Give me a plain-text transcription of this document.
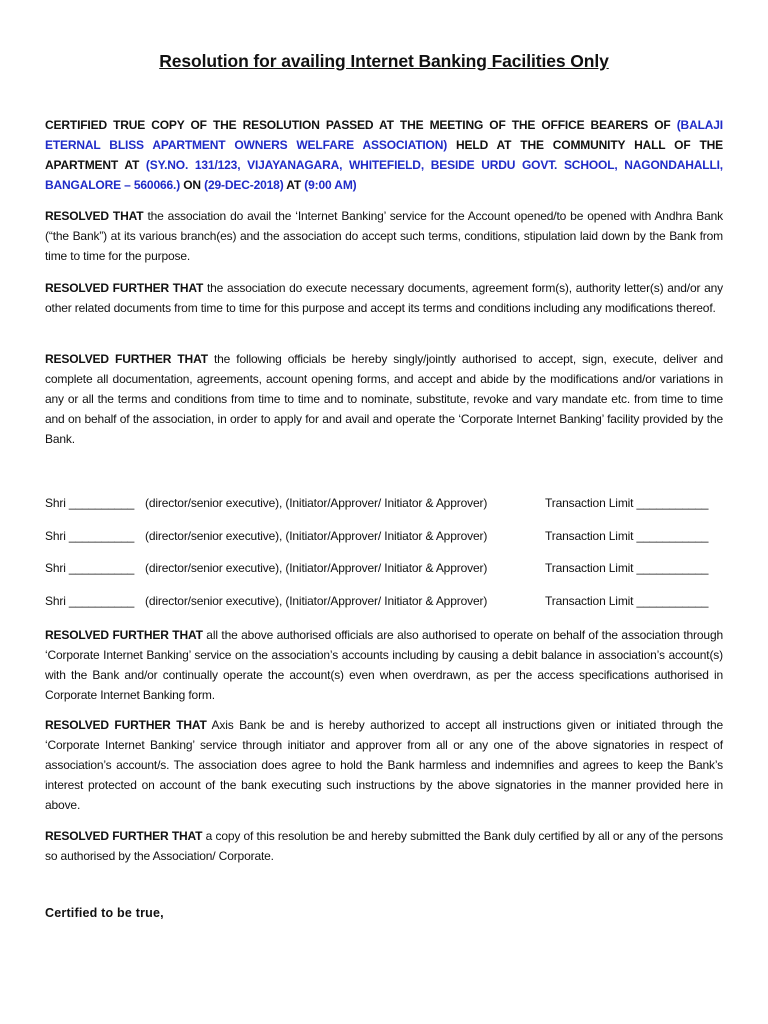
Resolution for availing Internet Banking Facilities Only
CERTIFIED TRUE COPY OF THE RESOLUTION PASSED AT THE MEETING OF THE OFFICE BEARERS OF (BALAJI ETERNAL BLISS APARTMENT OWNERS WELFARE ASSOCIATION) HELD AT THE COMMUNITY HALL OF THE APARTMENT AT (SY.NO. 131/123, VIJAYANAGARA, WHITEFIELD, BESIDE URDU GOVT. SCHOOL, NAGONDAHALLI, BANGALORE – 560066.) ON (29-DEC-2018) AT (9:00 AM)
RESOLVED THAT the association do avail the ‘Internet Banking’ service for the Account opened/to be opened with Andhra Bank (“the Bank”) at its various branch(es) and the association do accept such terms, conditions, stipulation laid down by the Bank from time to time for the purpose.
RESOLVED FURTHER THAT the association do execute necessary documents, agreement form(s), authority letter(s) and/or any other related documents from time to time for this purpose and accept its terms and conditions including any modifications thereof.
RESOLVED FURTHER THAT the following officials be hereby singly/jointly authorised to accept, sign, execute, deliver and complete all documentation, agreements, account opening forms, and accept and abide by the modifications and/or variations in any or all the terms and conditions from time to time and to nominate, substitute, revoke and vary mandate etc. from time to time and on behalf of the association, in order to apply for and avail and operate the ‘Corporate Internet Banking’ facility provided by the Bank.
Shri __________ (director/senior executive), (Initiator/Approver/ Initiator & Approver)	Transaction Limit ___________
Shri __________ (director/senior executive), (Initiator/Approver/ Initiator & Approver)	Transaction Limit ___________
Shri __________ (director/senior executive), (Initiator/Approver/ Initiator & Approver)	Transaction Limit ___________
Shri __________ (director/senior executive), (Initiator/Approver/ Initiator & Approver)	Transaction Limit ___________
RESOLVED FURTHER THAT all the above authorised officials are also authorised to operate on behalf of the association through ‘Corporate Internet Banking’ service on the association’s accounts including by causing a debit balance in association’s account(s) with the Bank and/or continually operate the account(s) even when overdrawn, as per the access specifications authorised in Corporate Internet Banking form.
RESOLVED FURTHER THAT Axis Bank be and is hereby authorized to accept all instructions given or initiated through the ‘Corporate Internet Banking’ service through initiator and approver from all or any one of the above signatories in respect of association’s account/s. The association does agree to hold the Bank harmless and indemnifies and agrees to keep the Bank’s interest protected on account of the bank executing such instructions by the above signatories in the manner provided here in above.
RESOLVED FURTHER THAT a copy of this resolution be and hereby submitted the Bank duly certified by all or any of the persons so authorised by the Association/ Corporate.
Certified to be true,
